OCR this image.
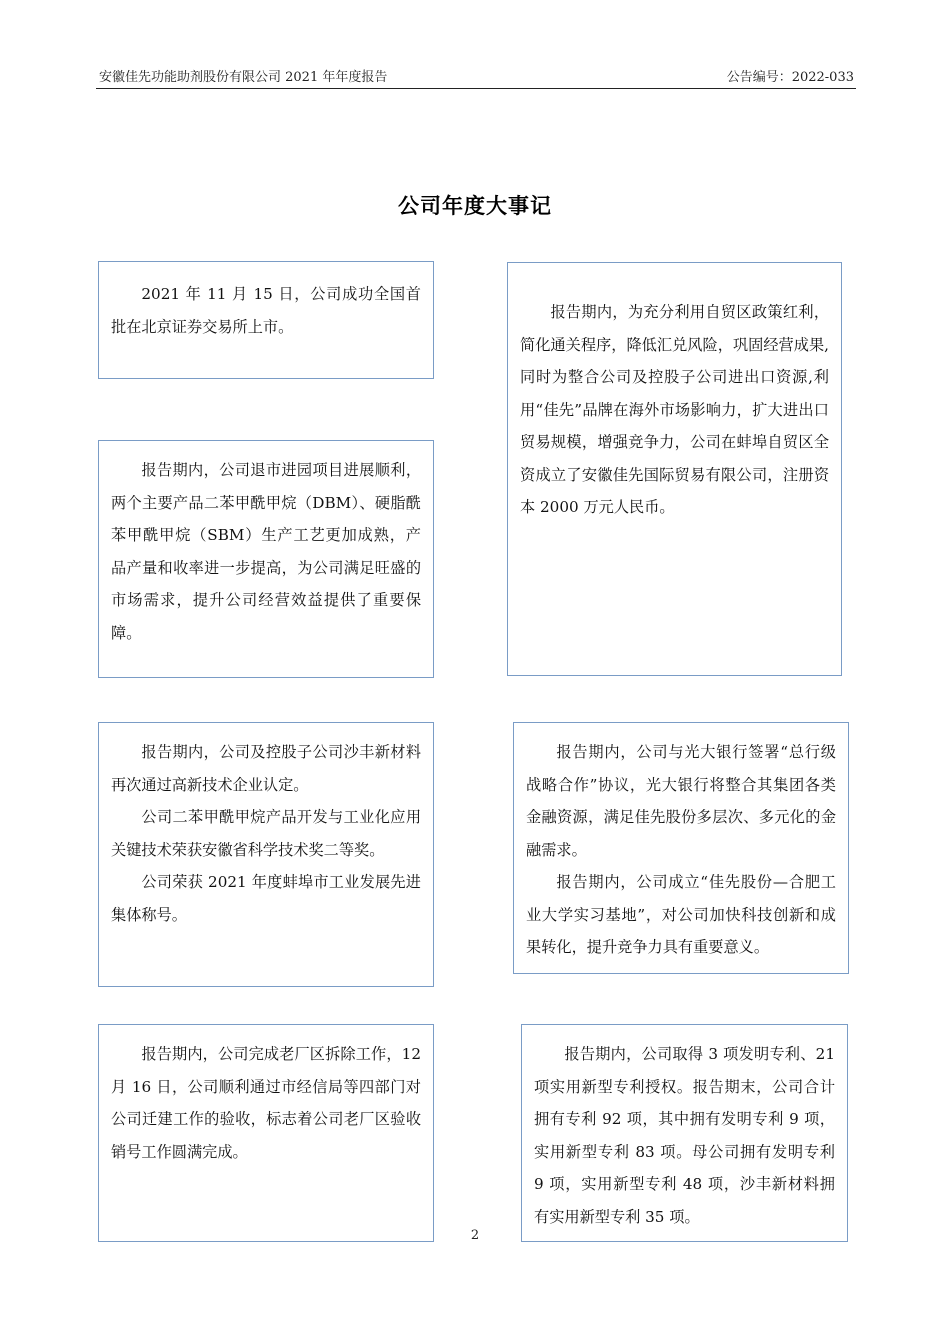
安徽佳先功能助剂股份有限公司 2021 年年度报告	公告编号：2022-033
公司年度大事记

2021 年 11 月 15 日，公司成功全国首批在北京证券交易所上市。

报告期内，为充分利用自贸区政策红利，简化通关程序，降低汇兑风险，巩固经营成果,同时为整合公司及控股子公司进出口资源,利用“佳先”品牌在海外市场影响力，扩大进出口贸易规模，增强竞争力，公司在蚌埠自贸区全资成立了安徽佳先国际贸易有限公司，注册资本 2000 万元人民币。

报告期内，公司退市进园项目进展顺利， 两个主要产品二苯甲酰甲烷（DBM）、硬脂酰苯甲酰甲烷（SBM）生产工艺更加成熟，产品产量和收率进一步提高，为公司满足旺盛的市场需求，提升公司经营效益提供了重要保障。

报告期内，公司及控股子公司沙丰新材料再次通过高新技术企业认定。

公司二苯甲酰甲烷产品开发与工业化应用关键技术荣获安徽省科学技术奖二等奖。

公司荣获 2021 年度蚌埠市工业发展先进集体称号。

报告期内，公司与光大银行签署“总行级战略合作”协议，光大银行将整合其集团各类金融资源，满足佳先股份多层次、多元化的金融需求。

报告期内，公司成立“佳先股份—合肥工业大学实习基地”，对公司加快科技创新和成果转化，提升竞争力具有重要意义。

报告期内，公司完成老厂区拆除工作，12 月 16 日，公司顺利通过市经信局等四部门对公司迁建工作的验收，标志着公司老厂区验收销号工作圆满完成。

报告期内，公司取得 3 项发明专利、21 项实用新型专利授权。报告期末，公司合计拥有专利 92 项，其中拥有发明专利 9 项，实用新型专利 83 项。母公司拥有发明专利 9 项，实用新型专利 48 项，沙丰新材料拥有实用新型专利 35 项。

2
